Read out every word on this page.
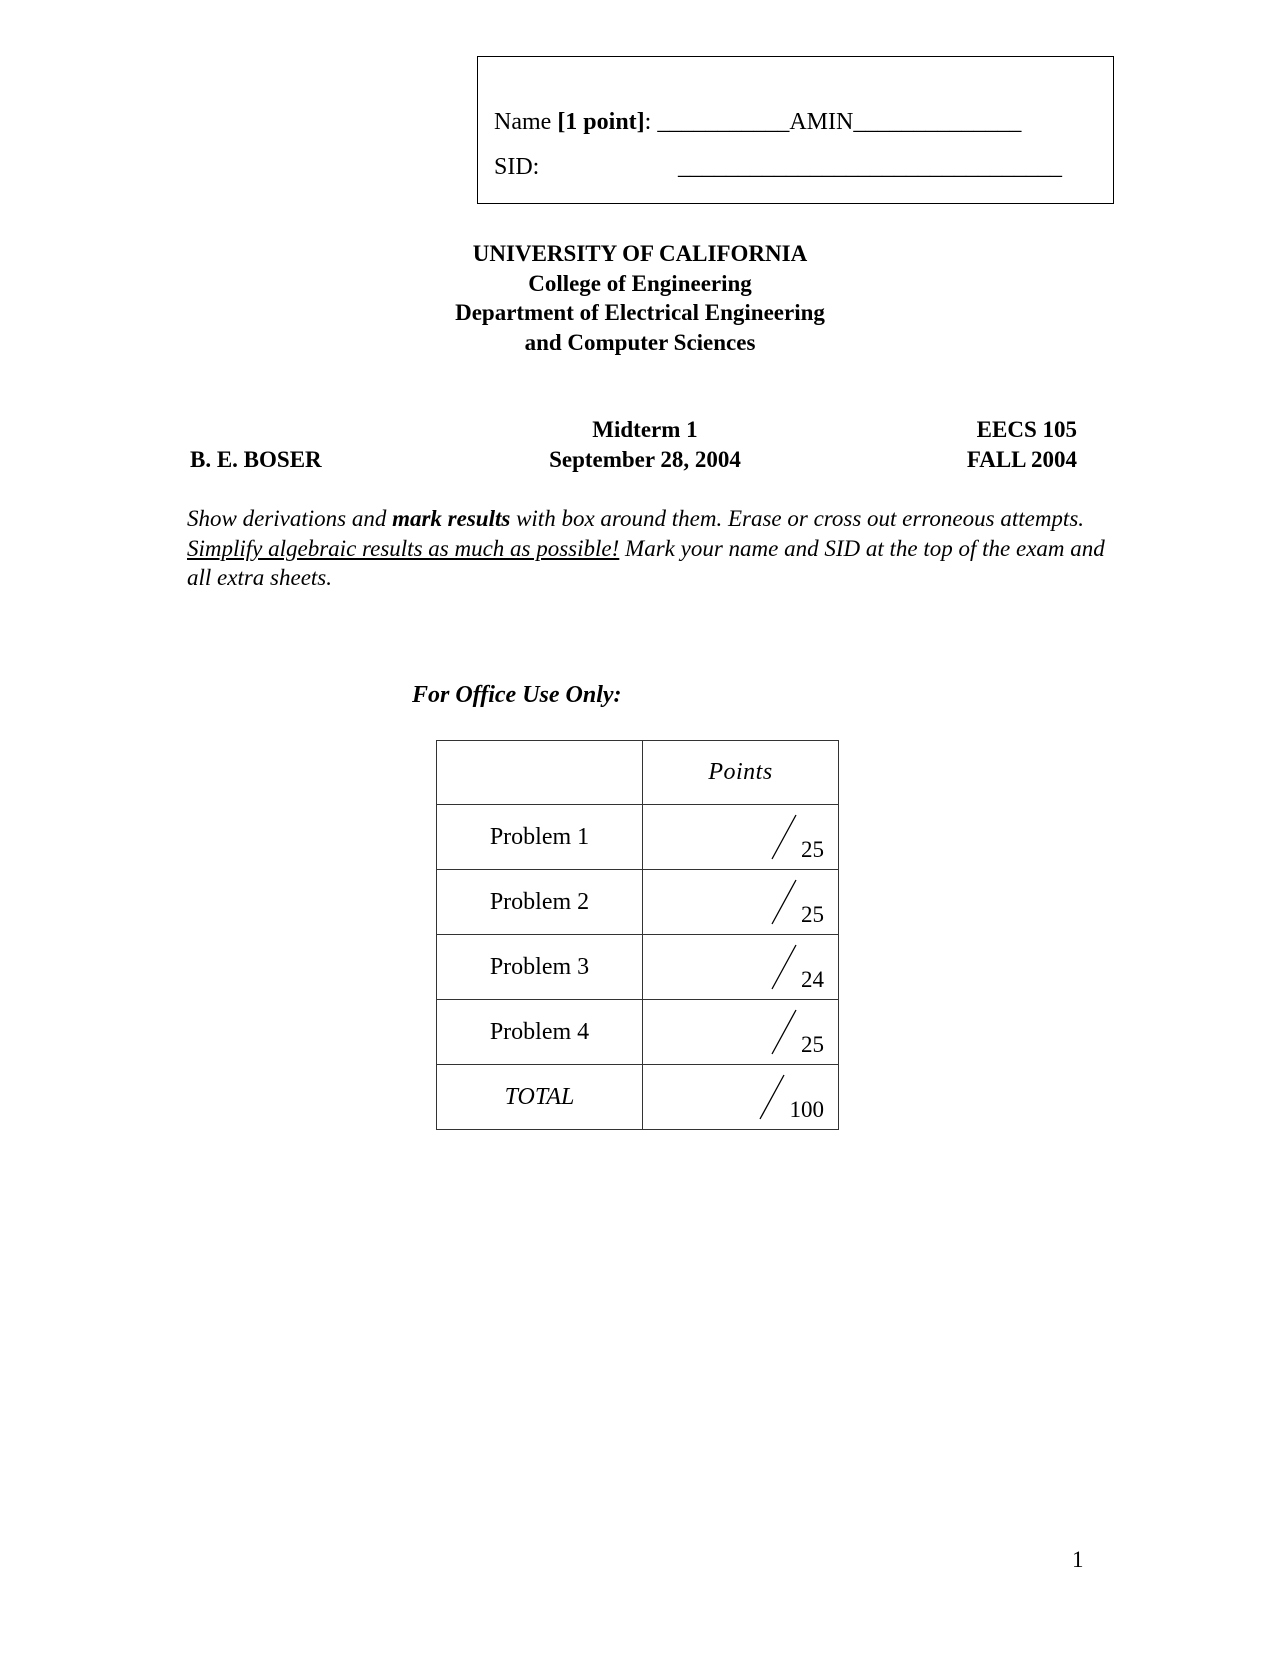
Name [1 point]: ___________AMIN______________
SID:	________________________________
UNIVERSITY OF CALIFORNIA
College of Engineering
Department of Electrical Engineering
and Computer Sciences
Midterm 1
September 28, 2004
EECS 105
FALL 2004
B. E. BOSER
Show derivations and mark results with box around them. Erase or cross out erroneous attempts. Simplify algebraic results as much as possible! Mark your name and SID at the top of the exam and all extra sheets.
For Office Use Only:
	Points
Problem 1	25

Problem 2	25

Problem 3	24

Problem 4	25

TOTAL	100
1
